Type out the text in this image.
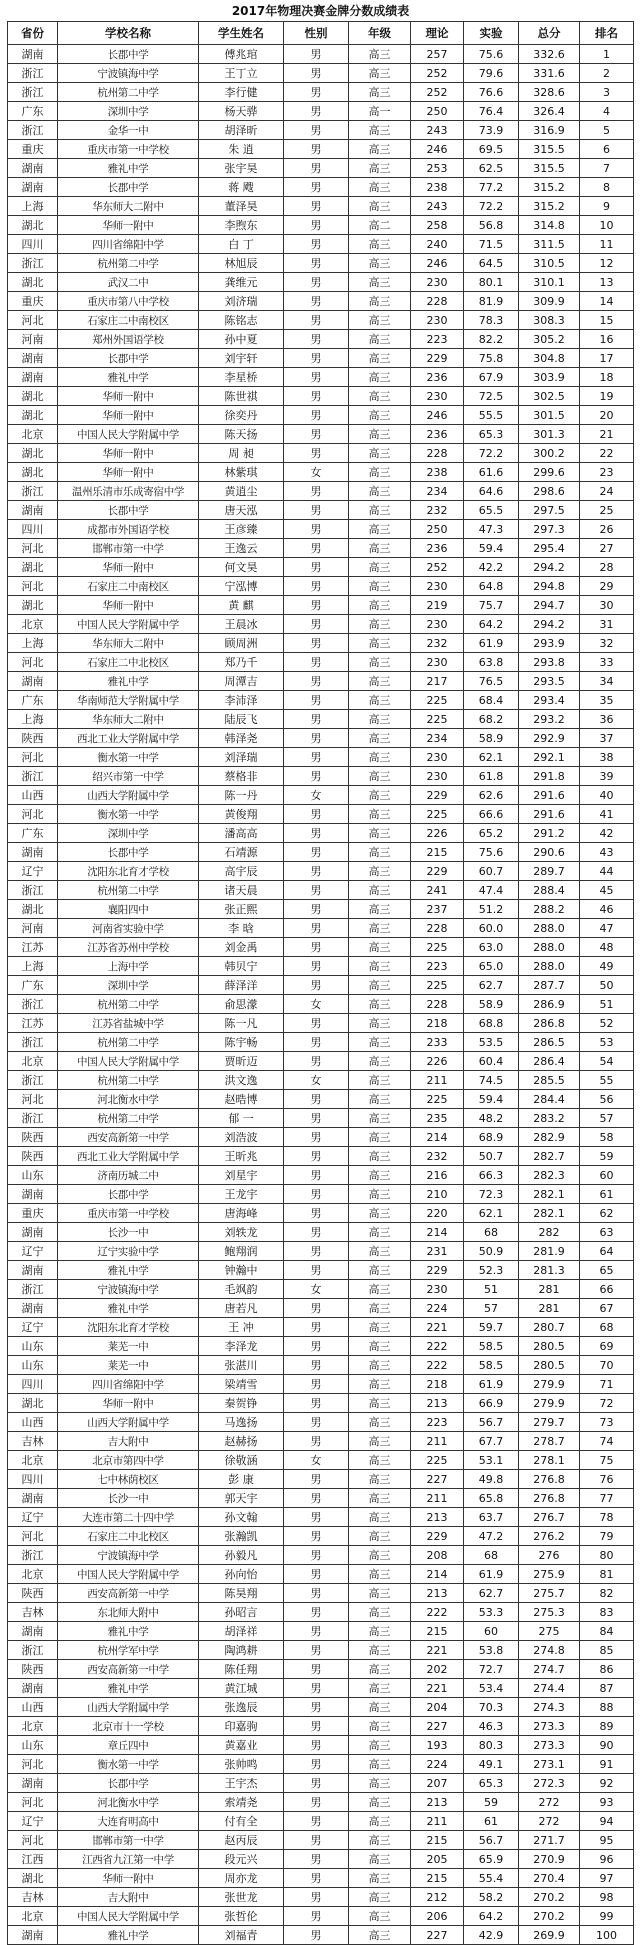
2017年物理决赛金牌分数成绩表								
省份	学校名称	学生姓名	性别	年级	理论	实验	总分	排名
湖南	长郡中学	傅兆琯	男	高三	257	75.6	332.6	1
浙江	宁波镇海中学	王丁立	男	高三	252	79.6	331.6	2
浙江	杭州第二中学	李行健	男	高三	252	76.6	328.6	3
广东	深圳中学	杨天骅	男	高一	250	76.4	326.4	4
浙江	金华一中	胡泽昕	男	高三	243	73.9	316.9	5
重庆	重庆市第一中学校	朱 逍	男	高三	246	69.5	315.5	6
湖南	雅礼中学	张宇昊	男	高三	253	62.5	315.5	7
湖南	长郡中学	蒋 飕	男	高三	238	77.2	315.2	8
上海	华东师大二附中	董泽昊	男	高三	243	72.2	315.2	9
湖北	华师一附中	李煦东	男	高二	258	56.8	314.8	10
四川	四川省绵阳中学	白 丁	男	高三	240	71.5	311.5	11
浙江	杭州第二中学	林旭辰	男	高三	246	64.5	310.5	12
湖北	武汉二中	龚维元	男	高三	230	80.1	310.1	13
重庆	重庆市第八中学校	刘济瑞	男	高三	228	81.9	309.9	14
河北	石家庄二中南校区	陈铭志	男	高三	230	78.3	308.3	15
河南	郑州外国语学校	孙中夏	男	高三	223	82.2	305.2	16
湖南	长郡中学	刘宇轩	男	高三	229	75.8	304.8	17
湖南	雅礼中学	李星桥	男	高三	236	67.9	303.9	18
湖北	华师一附中	陈世祺	男	高三	230	72.5	302.5	19
湖北	华师一附中	徐奕丹	男	高三	246	55.5	301.5	20
北京	中国人民大学附属中学	陈天扬	男	高三	236	65.3	301.3	21
湖北	华师一附中	周 昶	男	高三	228	72.2	300.2	22
湖北	华师一附中	林紫琪	女	高三	238	61.6	299.6	23
浙江	温州乐清市乐成寄宿中学	黄逍尘	男	高三	234	64.6	298.6	24
湖南	长郡中学	唐天泓	男	高三	232	65.5	297.5	25
四川	成都市外国语学校	王彦臻	男	高三	250	47.3	297.3	26
河北	邯郸市第一中学	王逸云	男	高三	236	59.4	295.4	27
湖北	华师一附中	何文昊	男	高三	252	42.2	294.2	28
河北	石家庄二中南校区	宁泓博	男	高三	230	64.8	294.8	29
湖北	华师一附中	黄 麒	男	高三	219	75.7	294.7	30
北京	中国人民大学附属中学	王晨冰	男	高三	230	64.2	294.2	31
上海	华东师大二附中	顾周洲	男	高三	232	61.9	293.9	32
河北	石家庄二中北校区	郑乃千	男	高三	230	63.8	293.8	33
湖南	雅礼中学	周潭吉	男	高三	217	76.5	293.5	34
广东	华南师范大学附属中学	李沛泽	男	高三	225	68.4	293.4	35
上海	华东师大二附中	陆辰飞	男	高三	225	68.2	293.2	36
陕西	西北工业大学附属中学	韩泽尧	男	高三	234	58.9	292.9	37
河北	衡水第一中学	刘泽瑞	男	高三	230	62.1	292.1	38
浙江	绍兴市第一中学	蔡格非	男	高三	230	61.8	291.8	39
山西	山西大学附属中学	陈一丹	女	高三	229	62.6	291.6	40
河北	衡水第一中学	黄俊翔	男	高三	225	66.6	291.6	41
广东	深圳中学	潘高高	男	高三	226	65.2	291.2	42
湖南	长郡中学	石靖源	男	高三	215	75.6	290.6	43
辽宁	沈阳东北育才学校	高宇辰	男	高三	229	60.7	289.7	44
浙江	杭州第二中学	诸天晨	男	高三	241	47.4	288.4	45
湖北	襄阳四中	张正熙	男	高三	237	51.2	288.2	46
河南	河南省实验中学	李 晗	男	高三	228	60.0	288.0	47
江苏	江苏省苏州中学校	刘金禹	男	高三	225	63.0	288.0	48
上海	上海中学	韩贝宁	男	高三	223	65.0	288.0	49
广东	深圳中学	薛泽洋	男	高三	225	62.7	287.7	50
浙江	杭州第二中学	俞思濛	女	高三	228	58.9	286.9	51
江苏	江苏省盐城中学	陈一凡	男	高三	218	68.8	286.8	52
浙江	杭州第二中学	陈宇畅	男	高三	233	53.5	286.5	53
北京	中国人民大学附属中学	贾昕迈	男	高三	226	60.4	286.4	54
浙江	杭州第二中学	洪文逸	女	高三	211	74.5	285.5	55
河北	河北衡水中学	赵晧博	男	高三	225	59.4	284.4	56
浙江	杭州第二中学	郁 一	男	高三	235	48.2	283.2	57
陕西	西安高新第一中学	刘浩波	男	高三	214	68.9	282.9	58
陕西	西北工业大学附属中学	王昕兆	男	高三	232	50.7	282.7	59
山东	济南历城二中	刘星宇	男	高三	216	66.3	282.3	60
湖南	长郡中学	王龙宇	男	高三	210	72.3	282.1	61
重庆	重庆市第一中学校	唐海峰	男	高三	220	62.1	282.1	62
湖南	长沙一中	刘轶龙	男	高三	214	68	282	63
辽宁	辽宁实验中学	鲍翔润	男	高三	231	50.9	281.9	64
湖南	雅礼中学	钟瀚中	男	高三	229	52.3	281.3	65
浙江	宁波镇海中学	毛飒韵	女	高三	230	51	281	66
湖南	雅礼中学	唐若凡	男	高三	224	57	281	67
辽宁	沈阳东北育才学校	王 冲	男	高三	221	59.7	280.7	68
山东	莱芜一中	李泽龙	男	高三	222	58.5	280.5	69
山东	莱芜一中	张湛川	男	高三	222	58.5	280.5	70
四川	四川省绵阳中学	梁靖雪	男	高三	218	61.9	279.9	71
湖北	华师一附中	秦贺铮	男	高三	213	66.9	279.9	72
山西	山西大学附属中学	马逸扬	男	高三	223	56.7	279.7	73
吉林	吉大附中	赵赫扬	男	高三	211	67.7	278.7	74
北京	北京市第四中学	徐敬涵	女	高三	225	53.1	278.1	75
四川	七中林荫校区	彭 康	男	高三	227	49.8	276.8	76
湖南	长沙一中	郭天宇	男	高三	211	65.8	276.8	77
辽宁	大连市第二十四中学	孙文翰	男	高三	213	63.7	276.7	78
河北	石家庄二中北校区	张瀚凯	男	高三	229	47.2	276.2	79
浙江	宁波镇海中学	孙毅凡	男	高三	208	68	276	80
北京	中国人民大学附属中学	孙向怡	男	高三	214	61.9	275.9	81
陕西	西安高新第一中学	陈昊翔	男	高三	213	62.7	275.7	82
吉林	东北师大附中	孙昭言	男	高三	222	53.3	275.3	83
湖南	雅礼中学	胡泽祥	男	高三	215	60	275	84
浙江	杭州学军中学	陶鸿耕	男	高三	221	53.8	274.8	85
陕西	西安高新第一中学	陈任翔	男	高三	202	72.7	274.7	86
湖南	雅礼中学	黄江城	男	高三	221	53.4	274.4	87
山西	山西大学附属中学	张逸辰	男	高三	204	70.3	274.3	88
北京	北京市十一学校	印嘉驹	男	高三	227	46.3	273.3	89
山东	章丘四中	黄嘉业	男	高三	193	80.3	273.3	90
河北	衡水第一中学	张帅鸣	男	高三	224	49.1	273.1	91
湖南	长郡中学	王宇杰	男	高三	207	65.3	272.3	92
河北	河北衡水中学	索靖尧	男	高三	213	59	272	93
辽宁	大连育明高中	付有全	男	高三	211	61	272	94
河北	邯郸市第一中学	赵丙辰	男	高三	215	56.7	271.7	95
江西	江西省九江第一中学	段元兴	男	高三	205	65.9	270.9	96
湖北	华师一附中	周亦龙	男	高三	215	55.4	270.4	97
吉林	吉大附中	张世龙	男	高三	212	58.2	270.2	98
北京	中国人民大学附属中学	张哲伦	男	高三	206	64.2	270.2	99
湖南	雅礼中学	刘福青	男	高三	227	42.9	269.9	100
